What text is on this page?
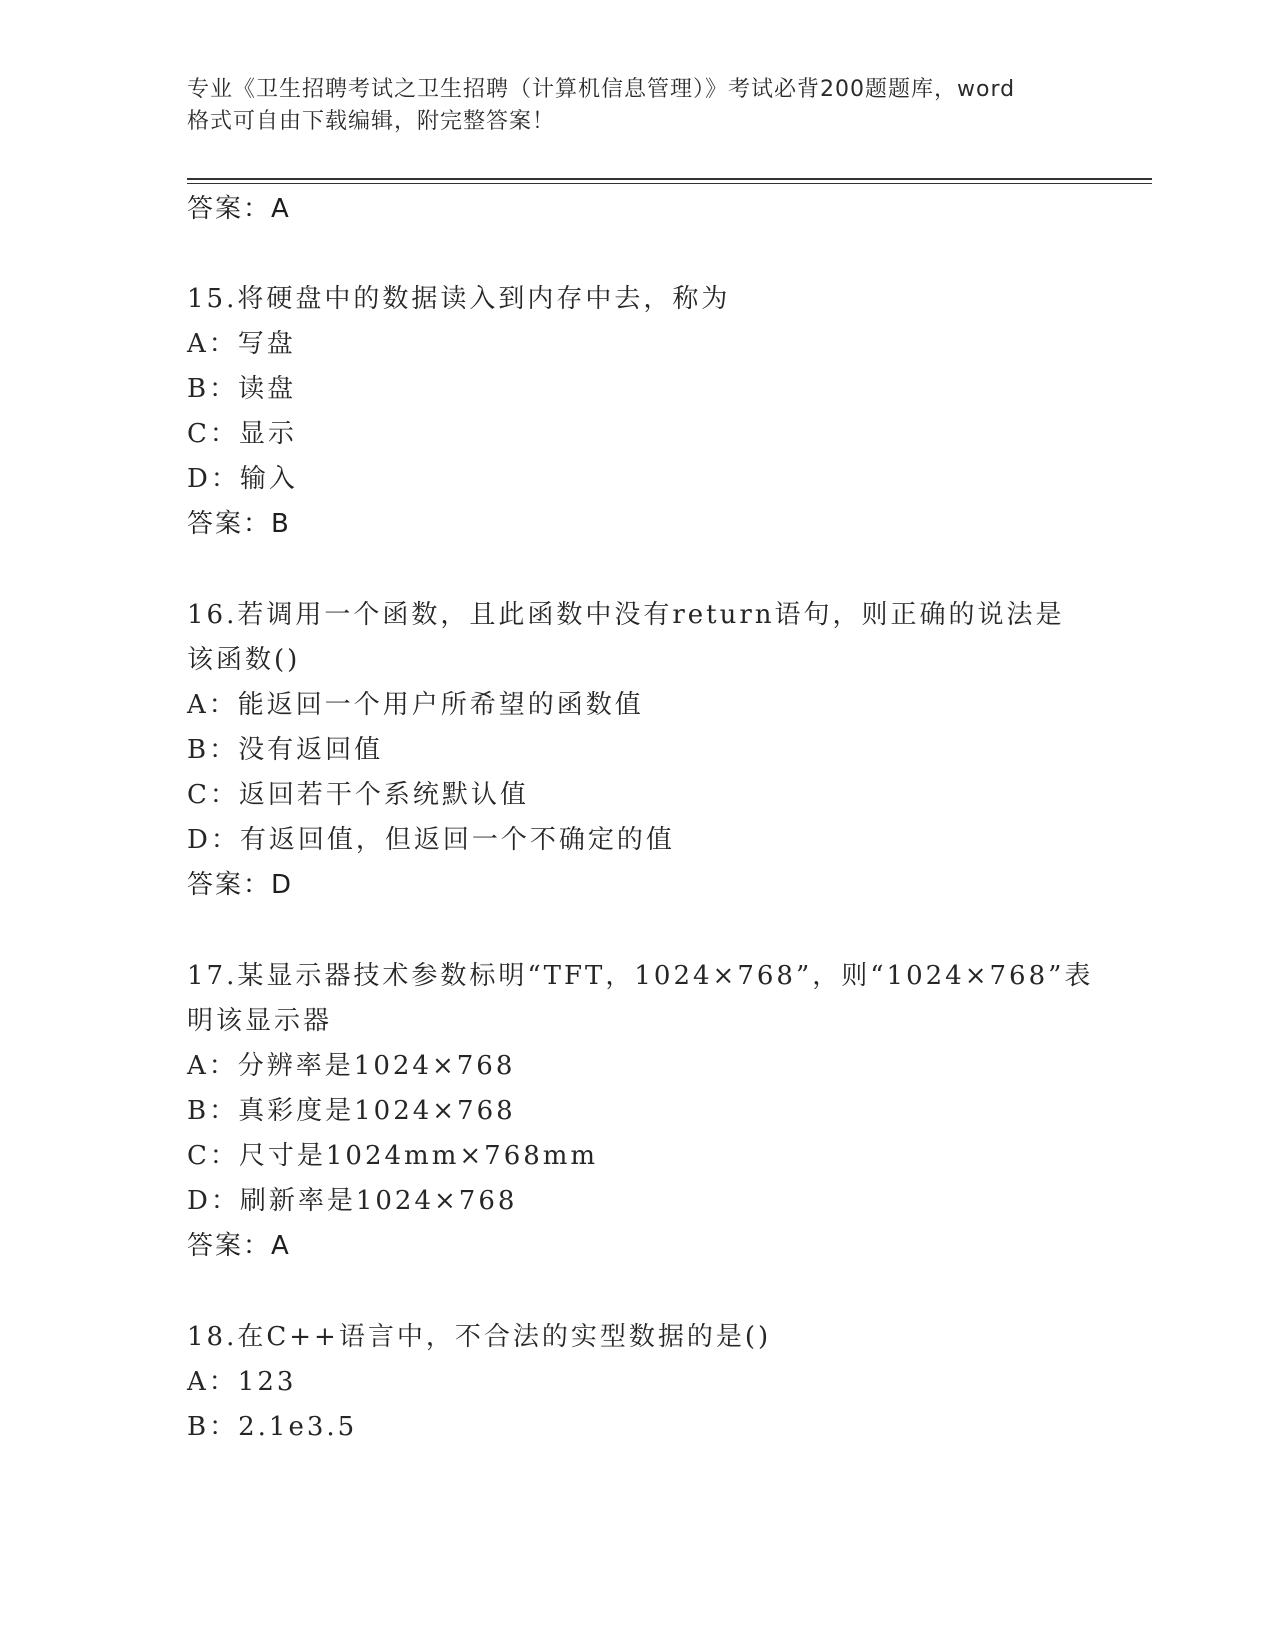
专业《卫生招聘考试之卫生招聘（计算机信息管理）》考试必背200题题库，word
格式可自由下载编辑，附完整答案！
答案：A
15.将硬盘中的数据读入到内存中去，称为
A：写盘
B：读盘
C：显示
D：输入
答案：B
16.若调用一个函数，且此函数中没有return语句，则正确的说法是
该函数()
A：能返回一个用户所希望的函数值
B：没有返回值
C：返回若干个系统默认值
D：有返回值，但返回一个不确定的值
答案：D
17.某显示器技术参数标明“TFT，1024×768”，则“1024×768”表
明该显示器
A：分辨率是1024×768
B：真彩度是1024×768
C：尺寸是1024mm×768mm
D：刷新率是1024×768
答案：A
18.在C++语言中，不合法的实型数据的是()
A：123
B：2.1e3.5
